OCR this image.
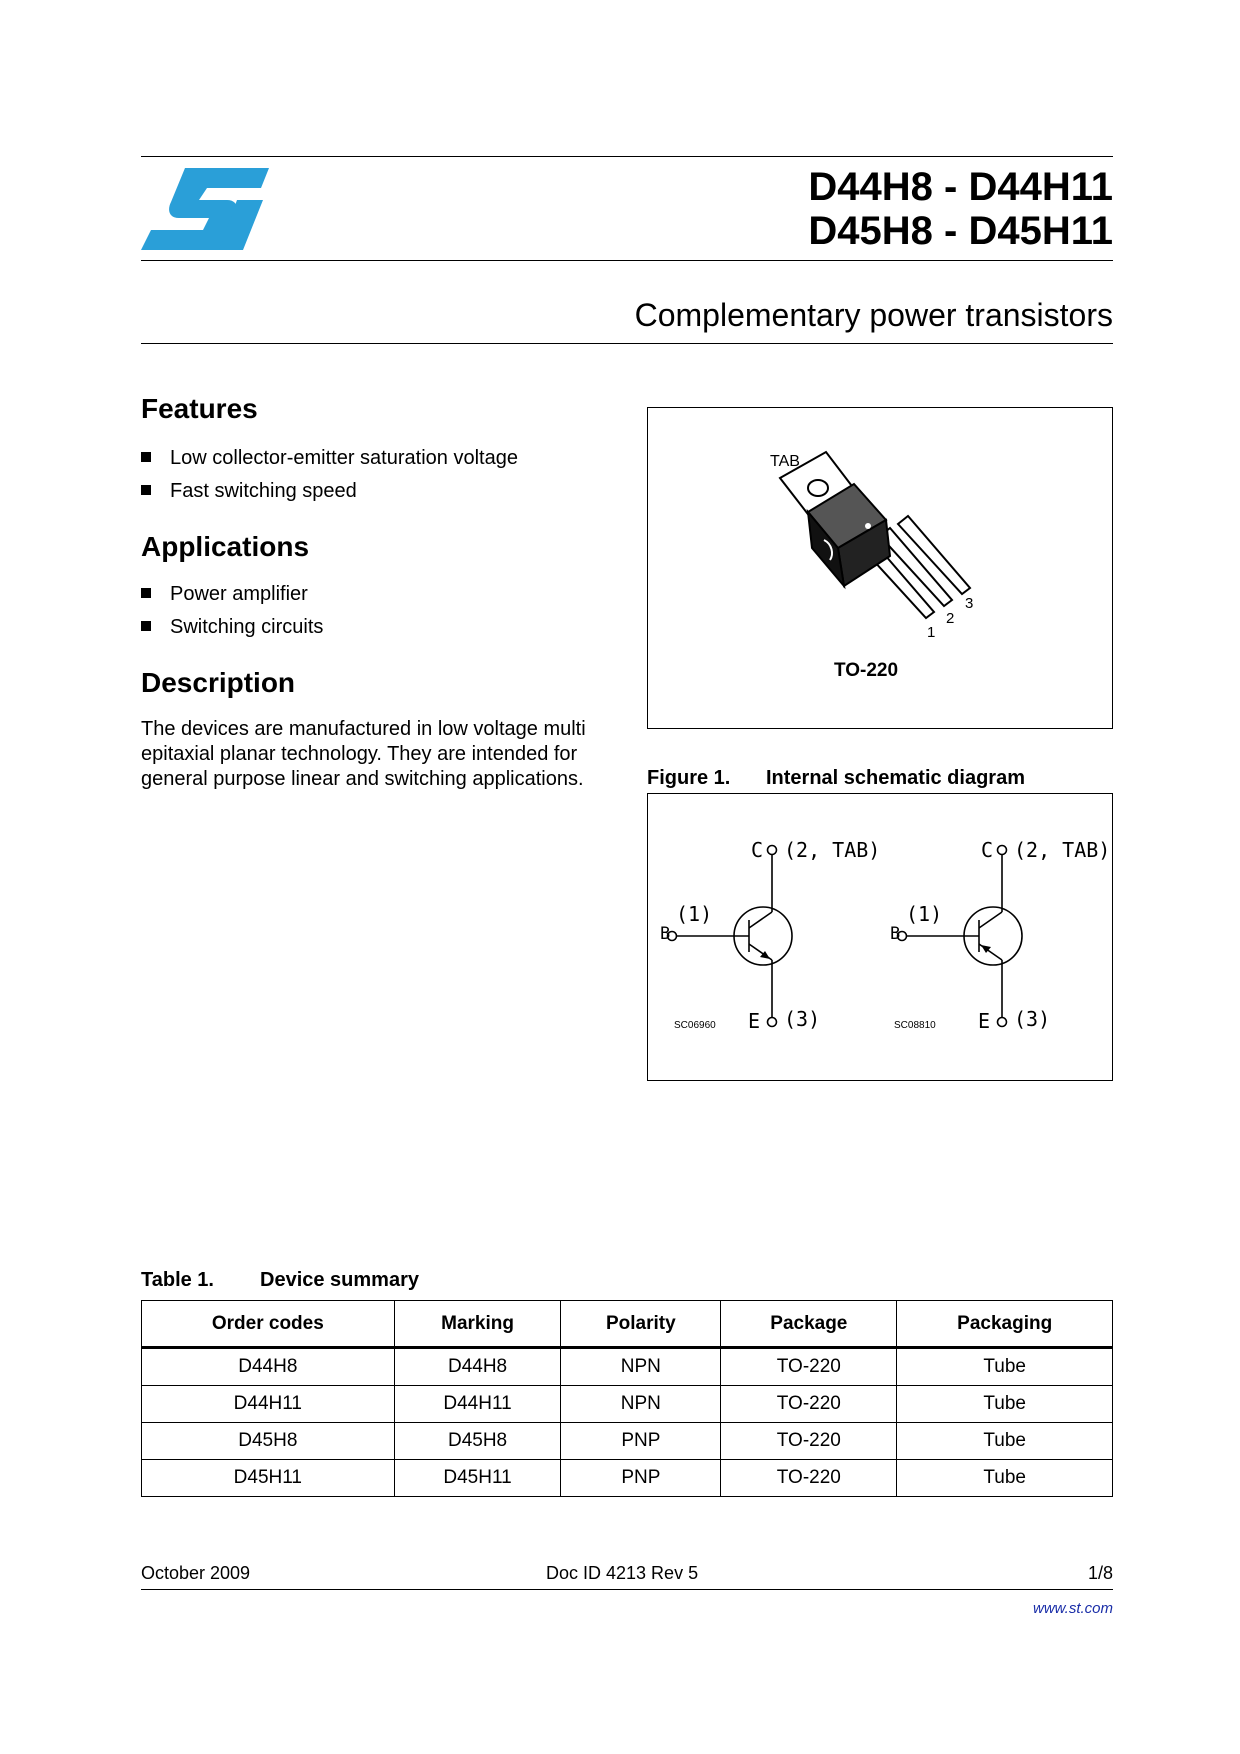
D44H8 - D44H11
D45H8 - D45H11
Complementary power transistors
Features
Low collector-emitter saturation voltage
Fast switching speed
Applications
Power amplifier
Switching circuits
Description
The devices are manufactured in low voltage multi epitaxial planar technology. They are intended for general purpose linear and switching applications.
TAB
1
2
3
TO-220
Figure 1. Internal schematic diagram
C (2, TAB)
(1)
B
E (3)
SC06960
C (2, TAB)
(1)
B
E (3)
SC08810
Table 1. Device summary
Order codes	Marking	Polarity	Package	Packaging
D44H8	D44H8	NPN	TO-220	Tube
D44H11	D44H11	NPN	TO-220	Tube
D45H8	D45H8	PNP	TO-220	Tube
D45H11	D45H11	PNP	TO-220	Tube
October 2009	Doc ID 4213 Rev 5	1/8
www.st.com
